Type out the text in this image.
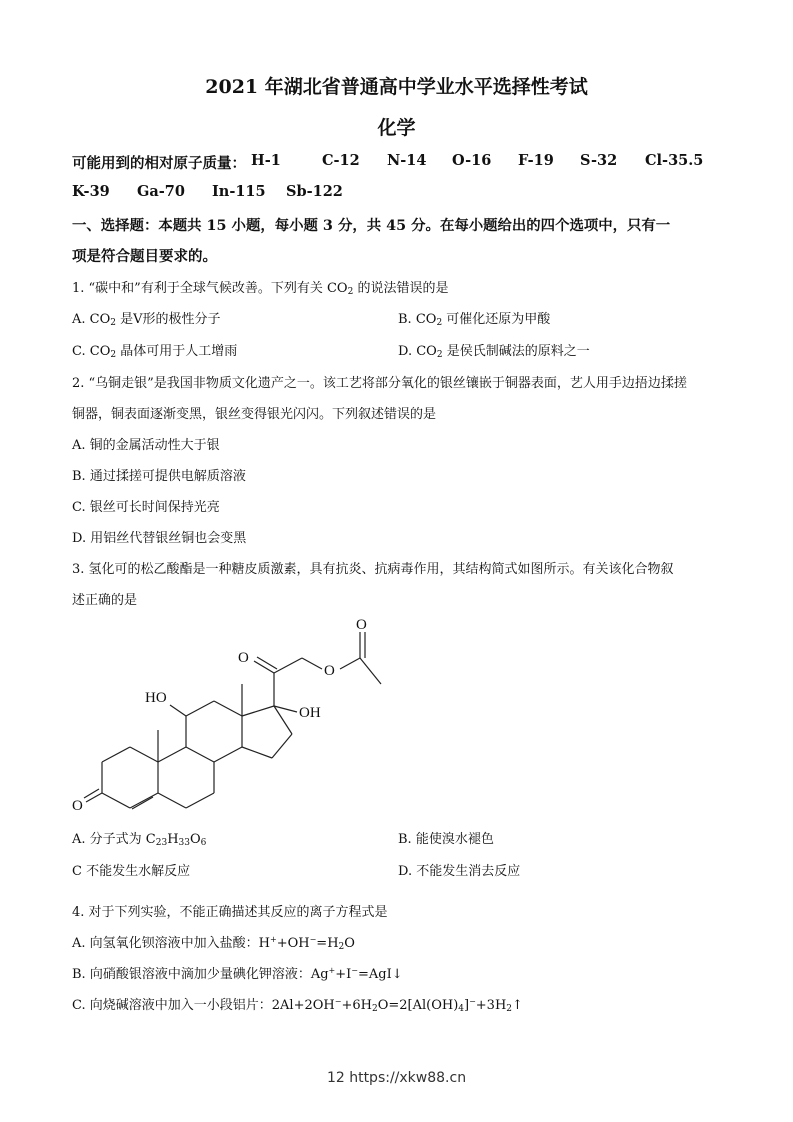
2021 年湖北省普通高中学业水平选择性考试
化学
可能用到的相对原子质量： H-1	C-12 N-14 O-16 F-19 S-32 Cl-35.5
K-39 Ga-70 In-115 Sb-122
一、选择题：本题共 15 小题，每小题 3 分，共 45 分。在每小题给出的四个选项中，只有一
项是符合题目要求的。
1. “碳中和”有利于全球气候改善。下列有关 $CO_2$ 的说法错误的是
A. $CO_2$ 是Ⅴ形的极性分子	B. $CO_2$ 可催化还原为甲酸
C. $CO_2$ 晶体可用于人工增雨	D. $CO_2$ 是侯氏制碱法的原料之一
2. “乌铜走银”是我国非物质文化遗产之一。该工艺将部分氧化的银丝镶嵌于铜器表面，艺人用手边捂边揉搓
铜器，铜表面逐渐变黑，银丝变得银光闪闪。下列叙述错误的是
A. 铜的金属活动性大于银
B. 通过揉搓可提供电解质溶液
C. 银丝可长时间保持光亮
D. 用铝丝代替银丝铜也会变黑
3. 氢化可的松乙酸酯是一种糖皮质激素，具有抗炎、抗病毒作用，其结构简式如图所示。有关该化合物叙
述正确的是
HO
OH
O
O
O
O
A. 分子式为 $C_{23}H_{33}O_6$	B. 能使溴水褪色
C 不能发生水解反应	D. 不能发生消去反应
4. 对于下列实验，不能正确描述其反应的离子方程式是
A. 向氢氧化钡溶液中加入盐酸：$H^++OH^-=H_2O$
B. 向硝酸银溶液中滴加少量碘化钾溶液：Ag++I−=AgI↓
C. 向烧碱溶液中加入一小段铝片：$2Al+2OH^-+6H_2O=2[Al(OH)_4]^-+3H_2↑$
12 https://xkw88.cn
